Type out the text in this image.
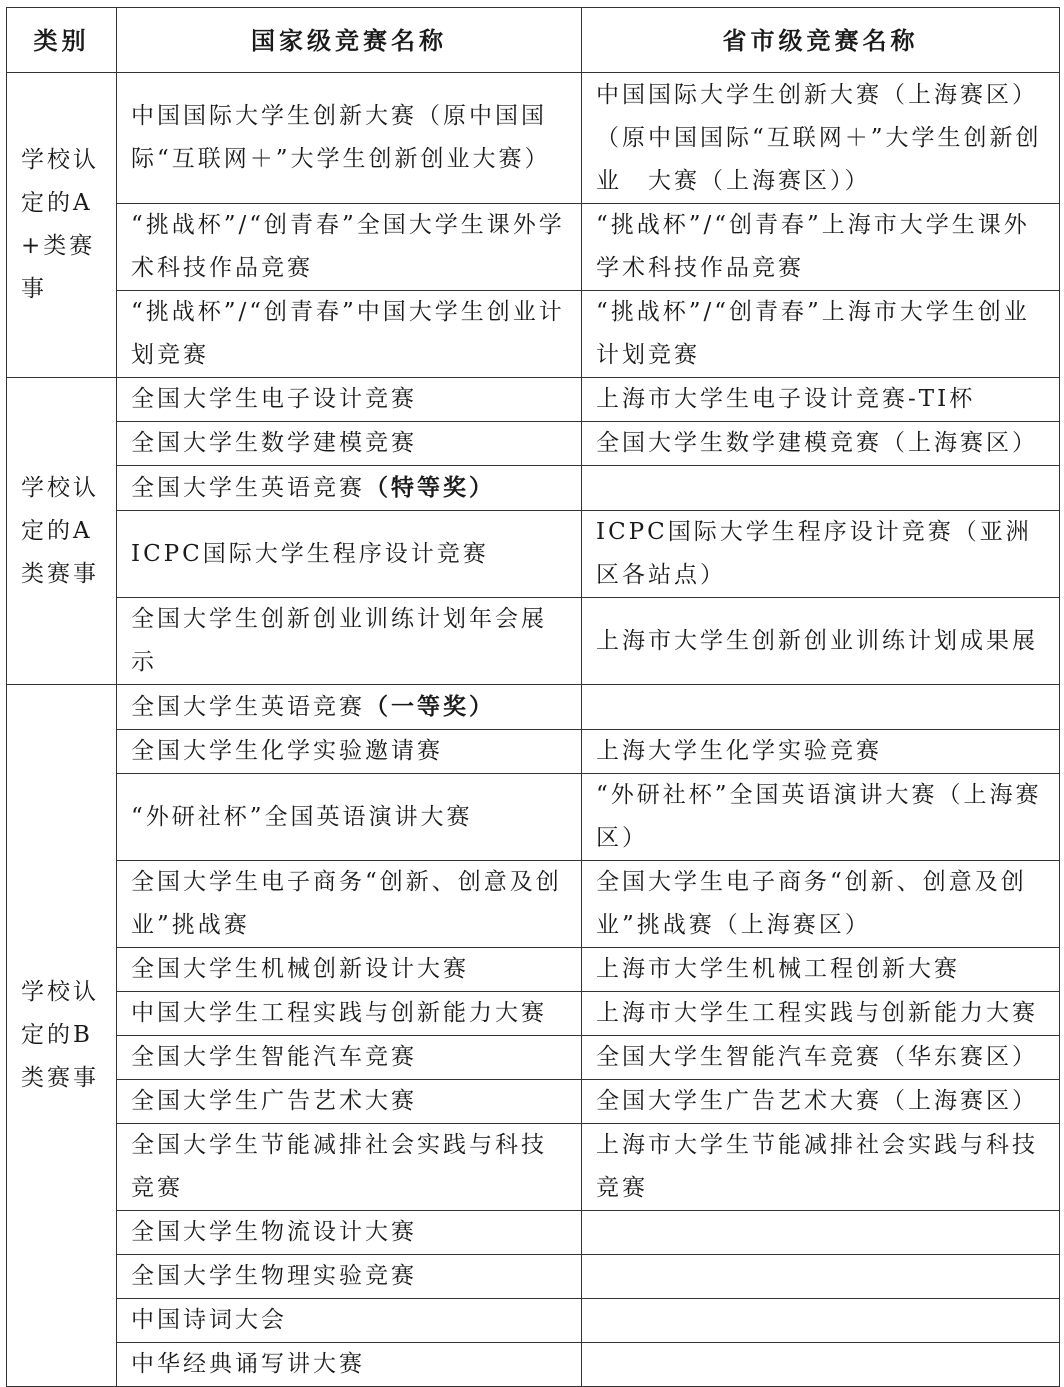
类别	国家级竞赛名称	省市级竞赛名称

学校认定的A+类赛事	中国国际大学生创新大赛（原中国国际“互联网＋”大学生创新创业大赛）	中国国际大学生创新大赛（上海赛区）（原中国国际“互联网＋”大学生创新创业　大赛（上海赛区））
	“挑战杯”/“创青春”全国大学生课外学术科技作品竞赛	“挑战杯”/“创青春”上海市大学生课外学术科技作品竞赛
	“挑战杯”/“创青春”中国大学生创业计划竞赛	“挑战杯”/“创青春”上海市大学生创业计划竞赛

学校认定的A类赛事	全国大学生电子设计竞赛	上海市大学生电子设计竞赛-TI杯
	全国大学生数学建模竞赛	全国大学生数学建模竞赛（上海赛区）
	全国大学生英语竞赛（特等奖）	
	ICPC国际大学生程序设计竞赛	ICPC国际大学生程序设计竞赛（亚洲区各站点）
	全国大学生创新创业训练计划年会展示	上海市大学生创新创业训练计划成果展

学校认定的B类赛事	全国大学生英语竞赛（一等奖）	
	全国大学生化学实验邀请赛	上海大学生化学实验竞赛
	“外研社杯”全国英语演讲大赛	“外研社杯”全国英语演讲大赛（上海赛区）
	全国大学生电子商务“创新、创意及创业”挑战赛	全国大学生电子商务“创新、创意及创业”挑战赛（上海赛区）
	全国大学生机械创新设计大赛	上海市大学生机械工程创新大赛
	中国大学生工程实践与创新能力大赛	上海市大学生工程实践与创新能力大赛
	全国大学生智能汽车竞赛	全国大学生智能汽车竞赛（华东赛区）
	全国大学生广告艺术大赛	全国大学生广告艺术大赛（上海赛区）
	全国大学生节能减排社会实践与科技竞赛	上海市大学生节能减排社会实践与科技竞赛
	全国大学生物流设计大赛	
	全国大学生物理实验竞赛	
	中国诗词大会	
	中华经典诵写讲大赛	
